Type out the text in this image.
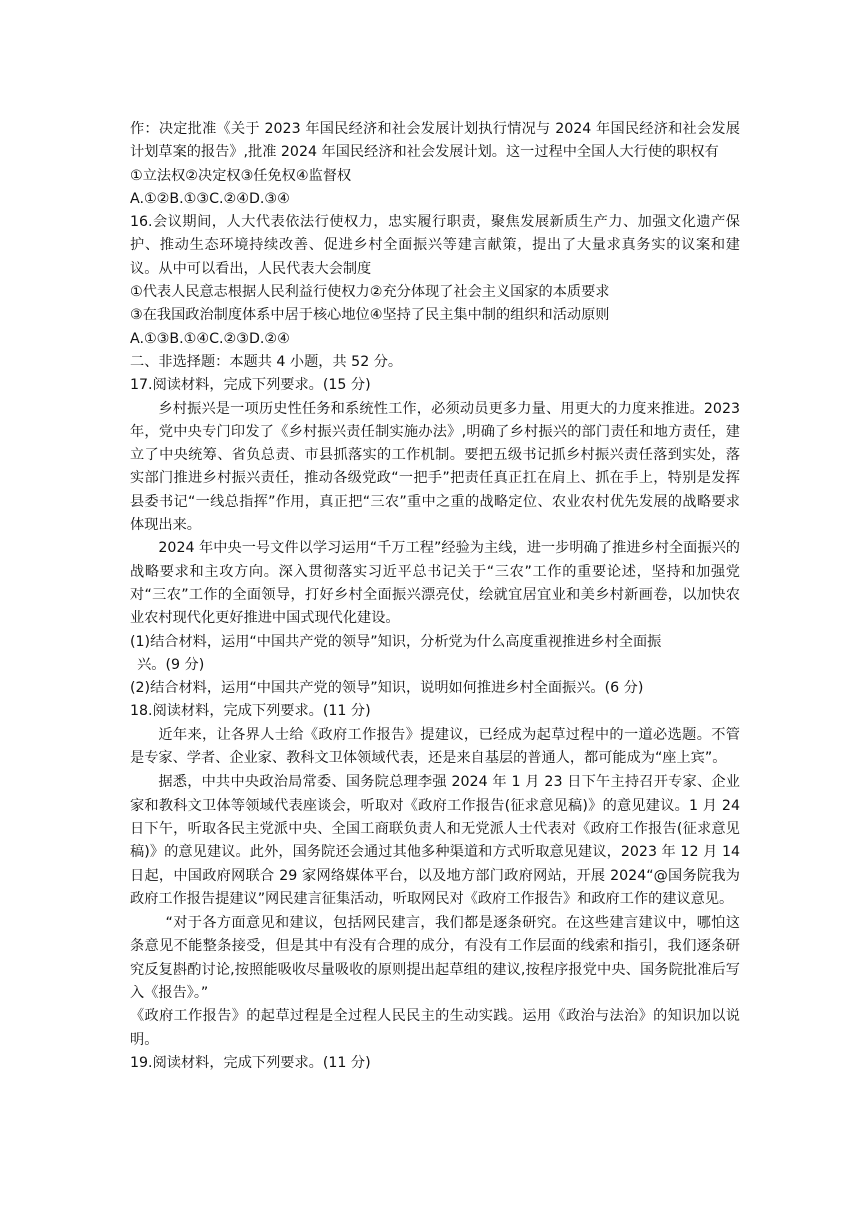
作：决定批准《关于 2023 年国民经济和社会发展计划执行情况与 2024 年国民经济和社会发展计划草案的报告》,批准 2024 年国民经济和社会发展计划。这一过程中全国人大行使的职权有

①立法权②决定权③任免权④监督权
A.①②B.①③C.②④D.③④

16.会议期间，人大代表依法行使权力，忠实履行职责，聚焦发展新质生产力、加强文化遗产保护、推动生态环境持续改善、促进乡村全面振兴等建言献策，提出了大量求真务实的议案和建议。从中可以看出，人民代表大会制度

①代表人民意志根据人民利益行使权力②充分体现了社会主义国家的本质要求
③在我国政治制度体系中居于核心地位④坚持了民主集中制的组织和活动原则
A.①③B.①④C.②③D.②④
二、非选择题：本题共 4 小题，共 52 分。
17.阅读材料，完成下列要求。(15 分)

乡村振兴是一项历史性任务和系统性工作，必须动员更多力量、用更大的力度来推进。2023 年，党中央专门印发了《乡村振兴责任制实施办法》,明确了乡村振兴的部门责任和地方责任，建立了中央统筹、省负总责、市县抓落实的工作机制。要把五级书记抓乡村振兴责任落到实处，落实部门推进乡村振兴责任，推动各级党政“一把手”把责任真正扛在肩上、抓在手上，特别是发挥县委书记“一线总指挥”作用，真正把“三农”重中之重的战略定位、农业农村优先发展的战略要求体现出来。

2024 年中央一号文件以学习运用“千万工程”经验为主线，进一步明确了推进乡村全面振兴的战略要求和主攻方向。深入贯彻落实习近平总书记关于“三农”工作的重要论述，坚持和加强党对“三农”工作的全面领导，打好乡村全面振兴漂亮仗，绘就宜居宜业和美乡村新画卷，以加快农业农村现代化更好推进中国式现代化建设。

(1)结合材料，运用“中国共产党的领导”知识，分析党为什么高度重视推进乡村全面振
兴。(9 分)
(2)结合材料，运用“中国共产党的领导”知识，说明如何推进乡村全面振兴。(6 分)
18.阅读材料，完成下列要求。(11 分)

近年来，让各界人士给《政府工作报告》提建议，已经成为起草过程中的一道必选题。不管是专家、学者、企业家、教科文卫体领域代表，还是来自基层的普通人，都可能成为“座上宾”。

据悉，中共中央政治局常委、国务院总理李强 2024 年 1 月 23 日下午主持召开专家、企业家和教科文卫体等领域代表座谈会，听取对《政府工作报告(征求意见稿)》的意见建议。1 月 24 日下午，听取各民主党派中央、全国工商联负责人和无党派人士代表对《政府工作报告(征求意见稿)》的意见建议。此外，国务院还会通过其他多种渠道和方式听取意见建议，2023 年 12 月 14 日起，中国政府网联合 29 家网络媒体平台，以及地方部门政府网站，开展 2024“@国务院我为政府工作报告提建议”网民建言征集活动，听取网民对《政府工作报告》和政府工作的建议意见。

“对于各方面意见和建议，包括网民建言，我们都是逐条研究。在这些建言建议中，哪怕这条意见不能整条接受，但是其中有没有合理的成分，有没有工作层面的线索和指引，我们逐条研究反复斟酌讨论,按照能吸收尽量吸收的原则提出起草组的建议,按程序报党中央、国务院批准后写入《报告》。”

《政府工作报告》的起草过程是全过程人民民主的生动实践。运用《政治与法治》的知识加以说明。

19.阅读材料，完成下列要求。(11 分)
